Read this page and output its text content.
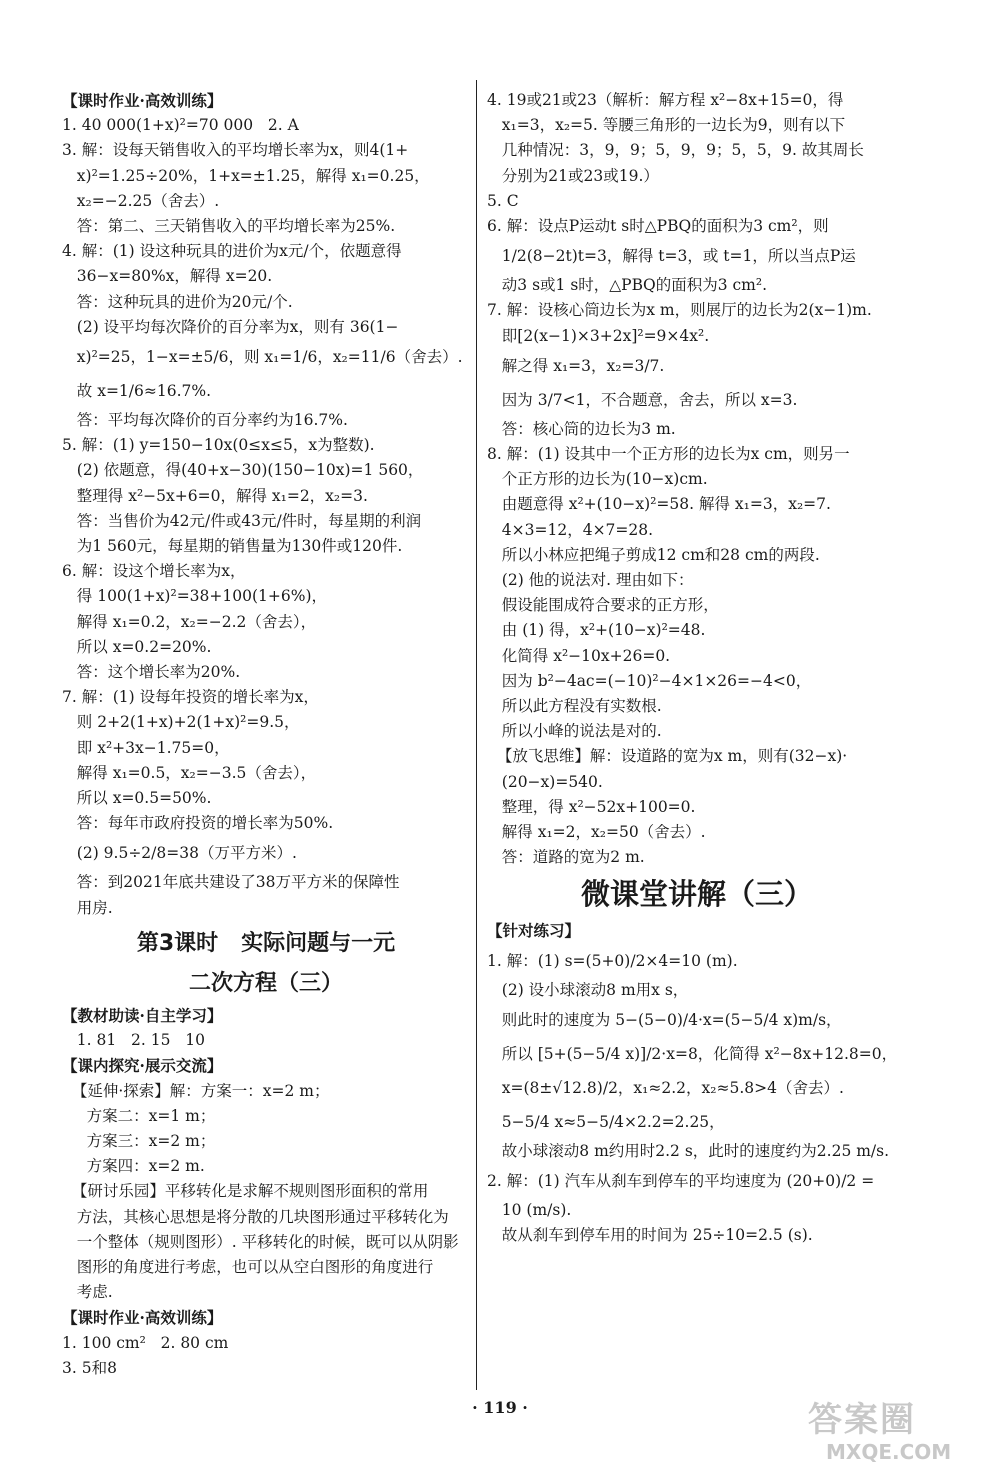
【课时作业·高效训练】
1. 40 000(1+x)²=70 000   2. A
3. 解：设每天销售收入的平均增长率为x，则4(1+
x)²=1.25÷20%，1+x=±1.25，解得 x₁=0.25，
x₂=−2.25（舍去）.
答：第二、三天销售收入的平均增长率为25%.
4. 解：(1) 设这种玩具的进价为x元/个，依题意得
36−x=80%x，解得 x=20.
答：这种玩具的进价为20元/个.
(2) 设平均每次降价的百分率为x，则有 36(1−
x)²=25，1−x=±5/6，则 x₁=1/6，x₂=11/6（舍去）.
故 x=1/6≈16.7%.
答：平均每次降价的百分率约为16.7%.
5. 解：(1) y=150−10x(0≤x≤5，x为整数).
(2) 依题意，得(40+x−30)(150−10x)=1 560，
整理得 x²−5x+6=0，解得 x₁=2，x₂=3.
答：当售价为42元/件或43元/件时，每星期的利润
为1 560元，每星期的销售量为130件或120件.
6. 解：设这个增长率为x，
得 100(1+x)²=38+100(1+6%)，
解得 x₁=0.2，x₂=−2.2（舍去），
所以 x=0.2=20%.
答：这个增长率为20%.
7. 解：(1) 设每年投资的增长率为x，
则 2+2(1+x)+2(1+x)²=9.5，
即 x²+3x−1.75=0，
解得 x₁=0.5，x₂=−3.5（舍去），
所以 x=0.5=50%.
答：每年市政府投资的增长率为50%.
(2) 9.5÷2/8=38（万平方米）.
答：到2021年底共建设了38万平方米的保障性
用房.
第3课时   实际问题与一元
二次方程（三）
【教材助读·自主学习】
1. 81   2. 15   10
【课内探究·展示交流】
【延伸·探索】解：方案一：x=2 m；
方案二：x=1 m；
方案三：x=2 m；
方案四：x=2 m.
【研讨乐园】平移转化是求解不规则图形面积的常用
方法，其核心思想是将分散的几块图形通过平移转化为
一个整体（规则图形）. 平移转化的时候，既可以从阴影
图形的角度进行考虑，也可以从空白图形的角度进行
考虑.
【课时作业·高效训练】
1. 100 cm²   2. 80 cm
3. 5和8
4. 19或21或23（解析：解方程 x²−8x+15=0，得
x₁=3，x₂=5. 等腰三角形的一边长为9，则有以下
几种情况：3，9，9；5，9，9；5，5，9. 故其周长
分别为21或23或19.）
5. C
6. 解：设点P运动t s时△PBQ的面积为3 cm²，则
1/2(8−2t)t=3，解得 t=3，或 t=1，所以当点P运
动3 s或1 s时，△PBQ的面积为3 cm².
7. 解：设核心筒边长为x m，则展厅的边长为2(x−1)m.
即[2(x−1)×3+2x]²=9×4x².
解之得 x₁=3，x₂=3/7.
因为 3/7<1，不合题意，舍去，所以 x=3.
答：核心筒的边长为3 m.
8. 解：(1) 设其中一个正方形的边长为x cm，则另一
个正方形的边长为(10−x)cm.
由题意得 x²+(10−x)²=58. 解得 x₁=3，x₂=7.
4×3=12，4×7=28.
所以小林应把绳子剪成12 cm和28 cm的两段.
(2) 他的说法对. 理由如下：
假设能围成符合要求的正方形，
由 (1) 得，x²+(10−x)²=48.
化简得 x²−10x+26=0.
因为 b²−4ac=(−10)²−4×1×26=−4<0，
所以此方程没有实数根.
所以小峰的说法是对的.
【放飞思维】解：设道路的宽为x m，则有(32−x)·
(20−x)=540.
整理，得 x²−52x+100=0.
解得 x₁=2，x₂=50（舍去）.
答：道路的宽为2 m.
微课堂讲解（三）
【针对练习】
1. 解：(1) s=(5+0)/2×4=10 (m).
(2) 设小球滚动8 m用x s，
则此时的速度为 5−(5−0)/4·x=(5−5/4 x)m/s，
所以 [5+(5−5/4 x)]/2·x=8，化简得 x²−8x+12.8=0，
x=(8±√12.8)/2，x₁≈2.2，x₂≈5.8>4（舍去）.
5−5/4 x≈5−5/4×2.2=2.25，
故小球滚动8 m约用时2.2 s，此时的速度约为2.25 m/s.
2. 解：(1) 汽车从刹车到停车的平均速度为 (20+0)/2 =
10 (m/s).
故从刹车到停车用的时间为 25÷10=2.5 (s).
· 119 ·	答案圈
MXQE.COM
